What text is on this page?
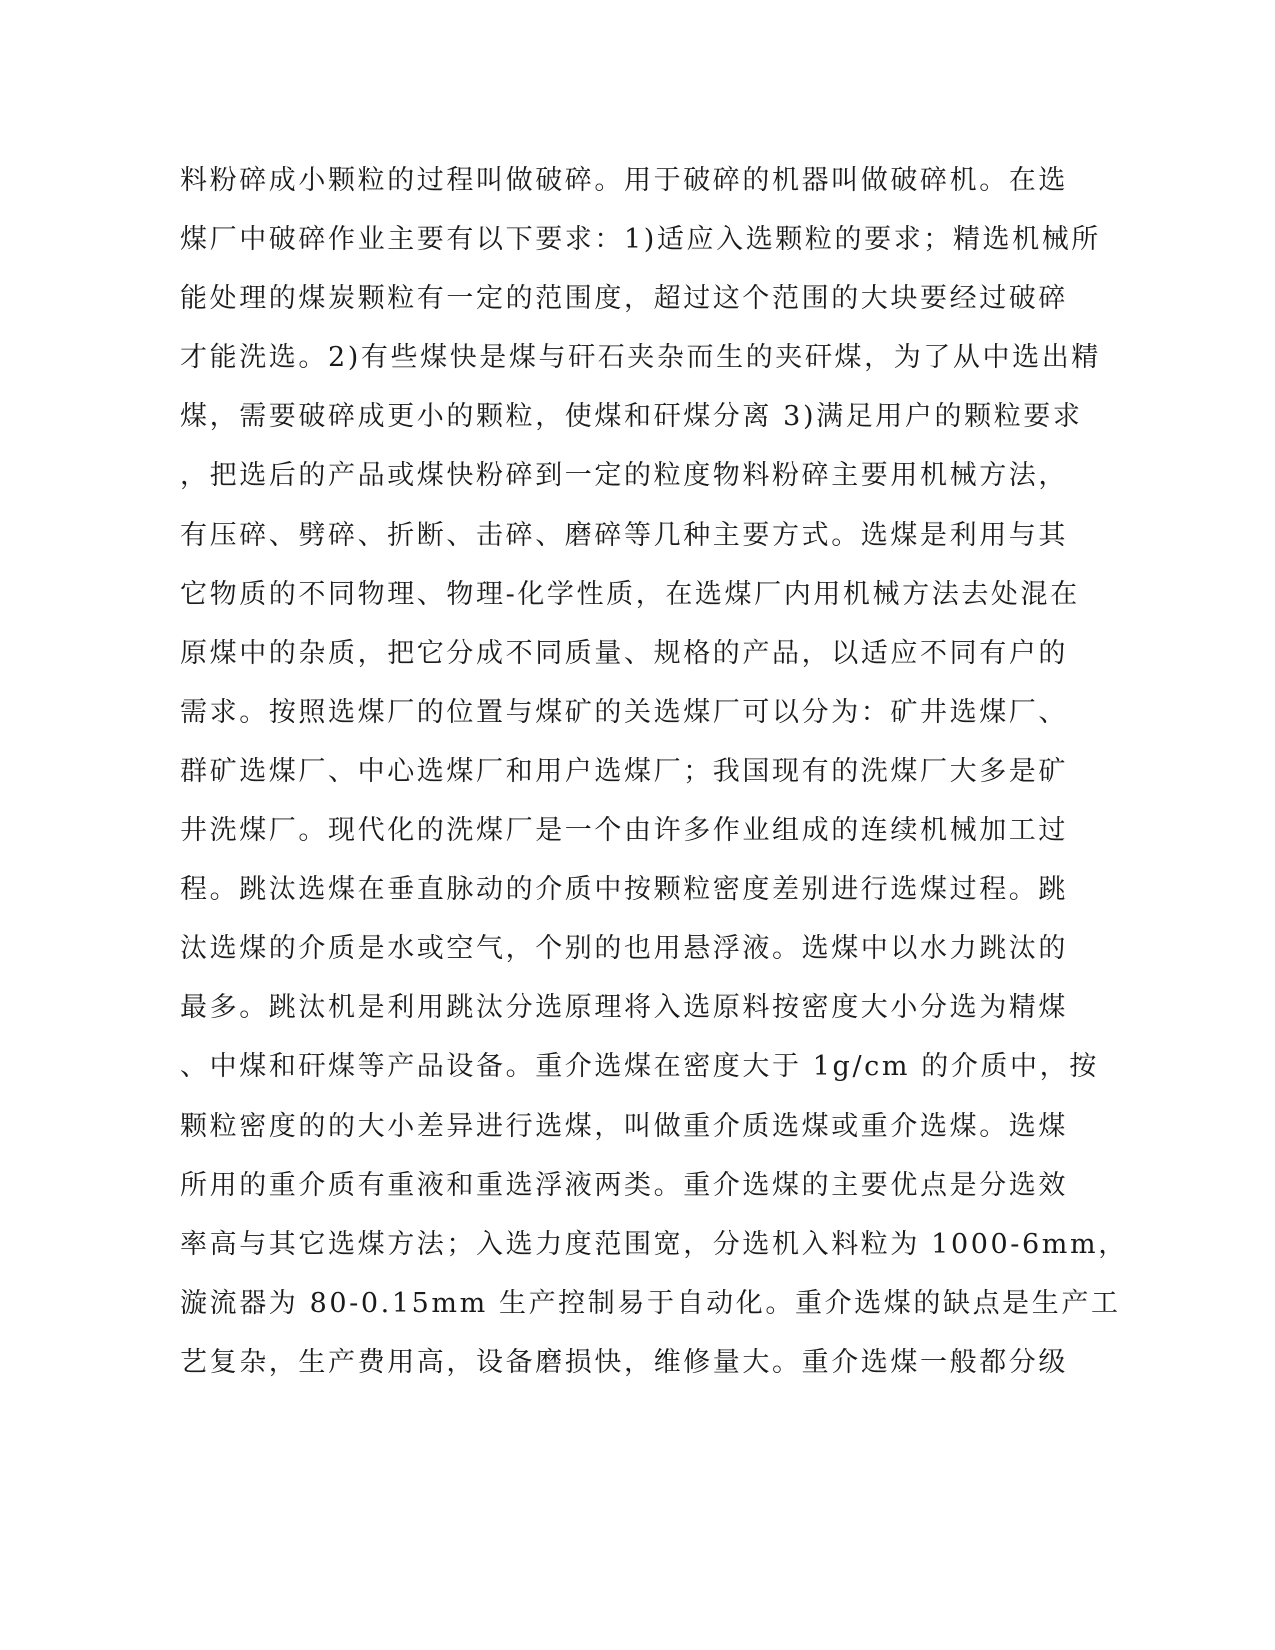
料粉碎成小颗粒的过程叫做破碎。用于破碎的机器叫做破碎机。在选
煤厂中破碎作业主要有以下要求：1)适应入选颗粒的要求；精选机械所
能处理的煤炭颗粒有一定的范围度，超过这个范围的大块要经过破碎
才能洗选。2)有些煤快是煤与矸石夹杂而生的夹矸煤，为了从中选出精
煤，需要破碎成更小的颗粒，使煤和矸煤分离 3)满足用户的颗粒要求
，把选后的产品或煤快粉碎到一定的粒度物料粉碎主要用机械方法，
有压碎、劈碎、折断、击碎、磨碎等几种主要方式。选煤是利用与其
它物质的不同物理、物理-化学性质，在选煤厂内用机械方法去处混在
原煤中的杂质，把它分成不同质量、规格的产品，以适应不同有户的
需求。按照选煤厂的位置与煤矿的关选煤厂可以分为：矿井选煤厂、
群矿选煤厂、中心选煤厂和用户选煤厂；我国现有的洗煤厂大多是矿
井洗煤厂。现代化的洗煤厂是一个由许多作业组成的连续机械加工过
程。跳汰选煤在垂直脉动的介质中按颗粒密度差别进行选煤过程。跳
汰选煤的介质是水或空气，个别的也用悬浮液。选煤中以水力跳汰的
最多。跳汰机是利用跳汰分选原理将入选原料按密度大小分选为精煤
、中煤和矸煤等产品设备。重介选煤在密度大于 1g/cm 的介质中，按
颗粒密度的的大小差异进行选煤，叫做重介质选煤或重介选煤。选煤
所用的重介质有重液和重选浮液两类。重介选煤的主要优点是分选效
率高与其它选煤方法；入选力度范围宽，分选机入料粒为 1000-6mm，
漩流器为 80-0.15mm 生产控制易于自动化。重介选煤的缺点是生产工
艺复杂，生产费用高，设备磨损快，维修量大。重介选煤一般都分级
